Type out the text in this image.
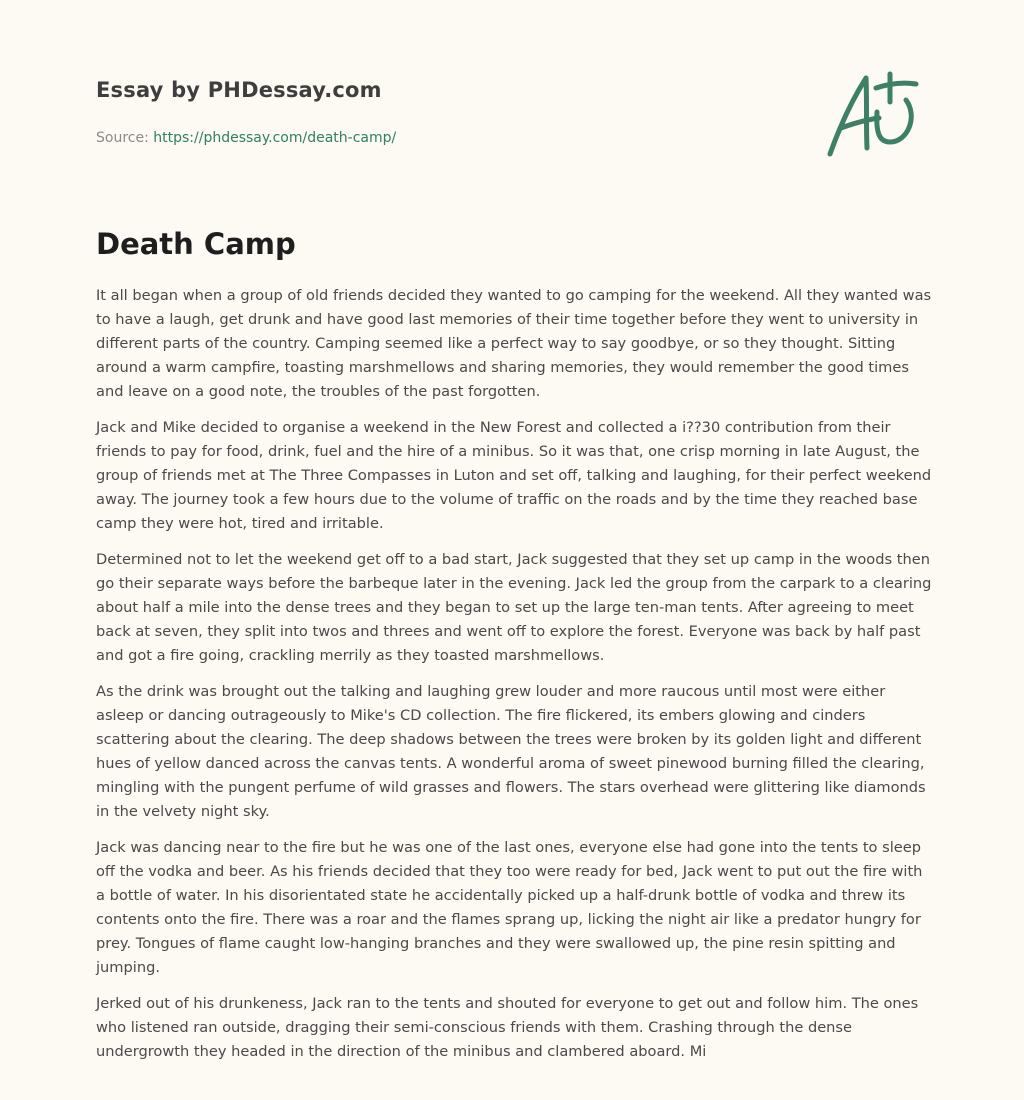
Essay by PHDessay.com
Source: https://phdessay.com/death-camp/
Death Camp

It all began when a group of old friends decided they wanted to go camping for the weekend. All they wanted was to have a laugh, get drunk and have good last memories of their time together before they went to university in different parts of the country. Camping seemed like a perfect way to say goodbye, or so they thought. Sitting around a warm campfire, toasting marshmellows and sharing memories, they would remember the good times and leave on a good note, the troubles of the past forgotten.

Jack and Mike decided to organise a weekend in the New Forest and collected a i??30 contribution from their friends to pay for food, drink, fuel and the hire of a minibus. So it was that, one crisp morning in late August, the group of friends met at The Three Compasses in Luton and set off, talking and laughing, for their perfect weekend away. The journey took a few hours due to the volume of traffic on the roads and by the time they reached base camp they were hot, tired and irritable.

Determined not to let the weekend get off to a bad start, Jack suggested that they set up camp in the woods then go their separate ways before the barbeque later in the evening. Jack led the group from the carpark to a clearing about half a mile into the dense trees and they began to set up the large ten-man tents. After agreeing to meet back at seven, they split into twos and threes and went off to explore the forest. Everyone was back by half past and got a fire going, crackling merrily as they toasted marshmellows.

As the drink was brought out the talking and laughing grew louder and more raucous until most were either asleep or dancing outrageously to Mike's CD collection. The fire flickered, its embers glowing and cinders scattering about the clearing. The deep shadows between the trees were broken by its golden light and different hues of yellow danced across the canvas tents. A wonderful aroma of sweet pinewood burning filled the clearing, mingling with the pungent perfume of wild grasses and flowers. The stars overhead were glittering like diamonds in the velvety night sky.

Jack was dancing near to the fire but he was one of the last ones, everyone else had gone into the tents to sleep off the vodka and beer. As his friends decided that they too were ready for bed, Jack went to put out the fire with a bottle of water. In his disorientated state he accidentally picked up a half-drunk bottle of vodka and threw its contents onto the fire. There was a roar and the flames sprang up, licking the night air like a predator hungry for prey. Tongues of flame caught low-hanging branches and they were swallowed up, the pine resin spitting and jumping.

Jerked out of his drunkeness, Jack ran to the tents and shouted for everyone to get out and follow him. The ones who listened ran outside, dragging their semi-conscious friends with them. Crashing through the dense undergrowth they headed in the direction of the minibus and clambered aboard. Mi
